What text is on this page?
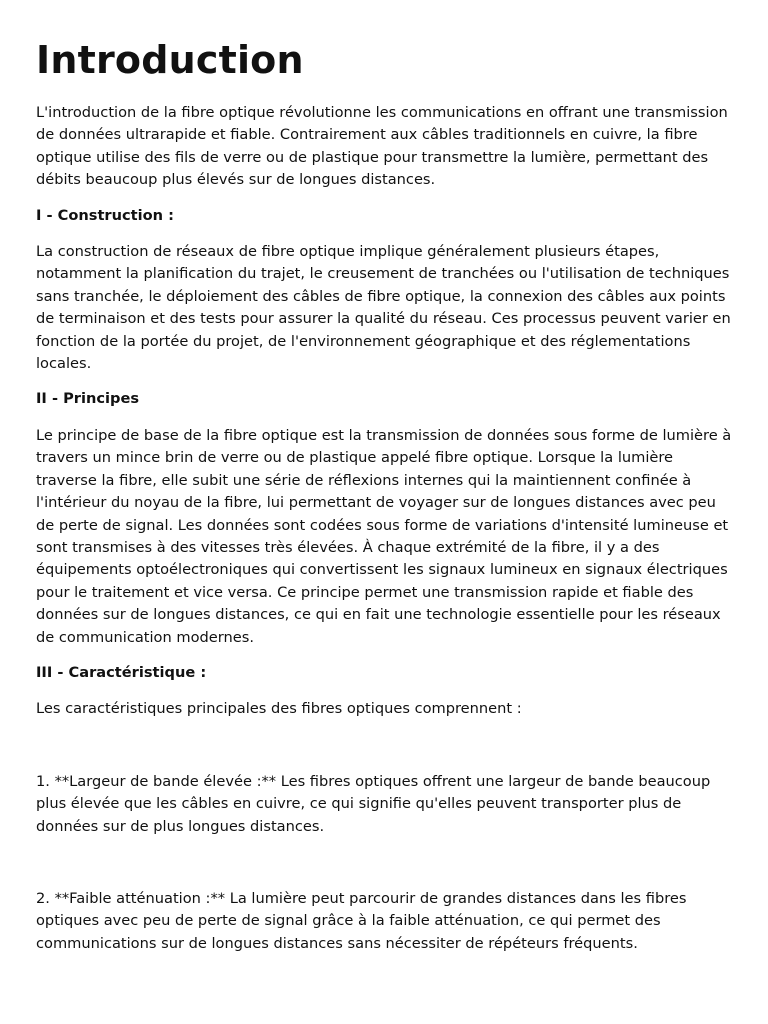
Introduction

L'introduction de la fibre optique révolutionne les communications en offrant une transmission de données ultrarapide et fiable. Contrairement aux câbles traditionnels en cuivre, la fibre optique utilise des fils de verre ou de plastique pour transmettre la lumière, permettant des débits beaucoup plus élevés sur de longues distances.

I - Construction :

La construction de réseaux de fibre optique implique généralement plusieurs étapes, notamment la planification du trajet, le creusement de tranchées ou l'utilisation de techniques sans tranchée, le déploiement des câbles de fibre optique, la connexion des câbles aux points de terminaison et des tests pour assurer la qualité du réseau. Ces processus peuvent varier en fonction de la portée du projet, de l'environnement géographique et des réglementations locales.

II - Principes

Le principe de base de la fibre optique est la transmission de données sous forme de lumière à travers un mince brin de verre ou de plastique appelé fibre optique. Lorsque la lumière traverse la fibre, elle subit une série de réflexions internes qui la maintiennent confinée à l'intérieur du noyau de la fibre, lui permettant de voyager sur de longues distances avec peu de perte de signal. Les données sont codées sous forme de variations d'intensité lumineuse et sont transmises à des vitesses très élevées. À chaque extrémité de la fibre, il y a des équipements optoélectroniques qui convertissent les signaux lumineux en signaux électriques pour le traitement et vice versa. Ce principe permet une transmission rapide et fiable des données sur de longues distances, ce qui en fait une technologie essentielle pour les réseaux de communication modernes.

III - Caractéristique :

Les caractéristiques principales des fibres optiques comprennent :

1. **Largeur de bande élevée :** Les fibres optiques offrent une largeur de bande beaucoup plus élevée que les câbles en cuivre, ce qui signifie qu'elles peuvent transporter plus de données sur de plus longues distances.

2. **Faible atténuation :** La lumière peut parcourir de grandes distances dans les fibres optiques avec peu de perte de signal grâce à la faible atténuation, ce qui permet des communications sur de longues distances sans nécessiter de répéteurs fréquents.
